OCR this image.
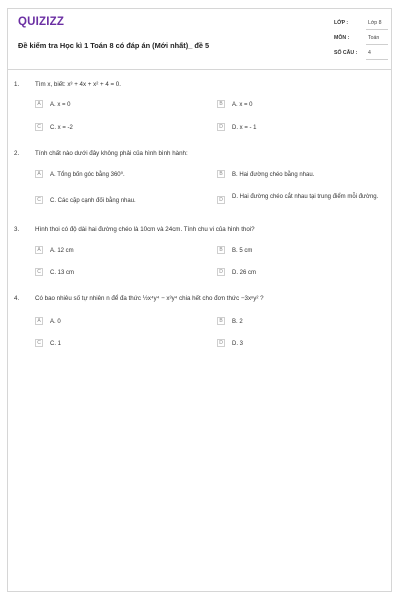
QUIZIZZ
Đề kiểm tra Học kì 1 Toán 8 có đáp án (Mới nhất)_ đề 5
LỚP :	Lớp 8
MÔN :	Toán
SỐ CÂU : 4
1.	Tìm x, biết: x³ + 4x + x² + 4 = 0.
A	A. x = 0	B	A. x = 0
C	C. x = -2	D	D. x = - 1
2.	Tính chất nào dưới đây không phải của hình bình hành:
A	A. Tổng bốn góc bằng 360⁰.	B	B. Hai đường chéo bằng nhau.
C	C. Các cặp cạnh đối bằng nhau.	D	D. Hai đường chéo cắt nhau tại trung điểm mỗi đường.
3.	Hình thoi có độ dài hai đường chéo là 10cm và 24cm. Tính chu vi của hình thoi?
A	A. 12 cm	B	B. 5 cm
C	C. 13 cm	D	D. 26 cm
4.	Có bao nhiêu số tự nhiên n để đa thức ½x⁴y⁴ − x³y⁴ chia hết cho đơn thức −3xⁿy² ?
A	A. 0	B	B. 2
C	C. 1	D	D. 3
